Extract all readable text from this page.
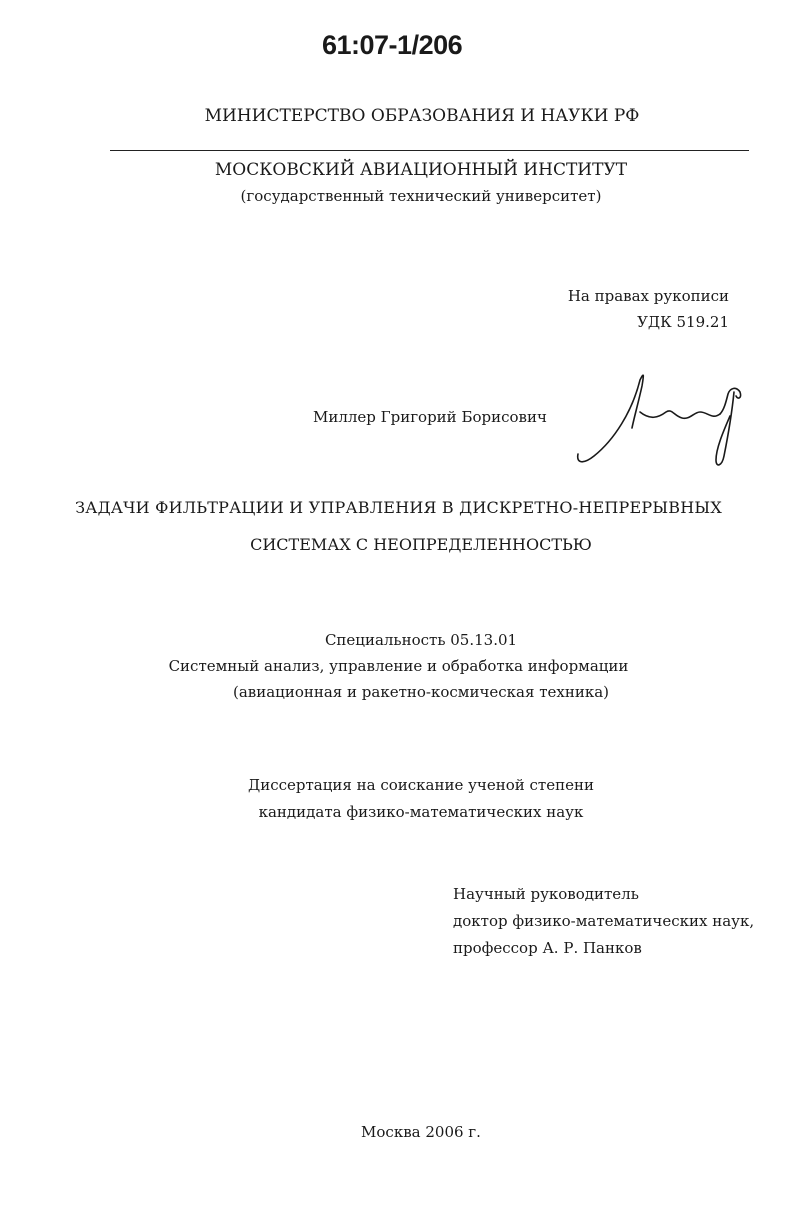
61:07-1/206
МИНИСТЕРСТВО ОБРАЗОВАНИЯ И НАУКИ РФ
МОСКОВСКИЙ АВИАЦИОННЫЙ ИНСТИТУТ
(государственный технический университет)
На правах рукописи
УДК 519.21
Миллер Григорий Борисович
ЗАДАЧИ ФИЛЬТРАЦИИ И УПРАВЛЕНИЯ В ДИСКРЕТНО-НЕПРЕРЫВНЫХ
СИСТЕМАХ С НЕОПРЕДЕЛЕННОСТЬЮ
Специальность 05.13.01
Системный анализ, управление и обработка информации
(авиационная и ракетно-космическая техника)
Диссертация на соискание ученой степени
кандидата физико-математических наук
Научный руководитель
доктор физико-математических наук,
профессор А. Р. Панков
Москва 2006 г.
